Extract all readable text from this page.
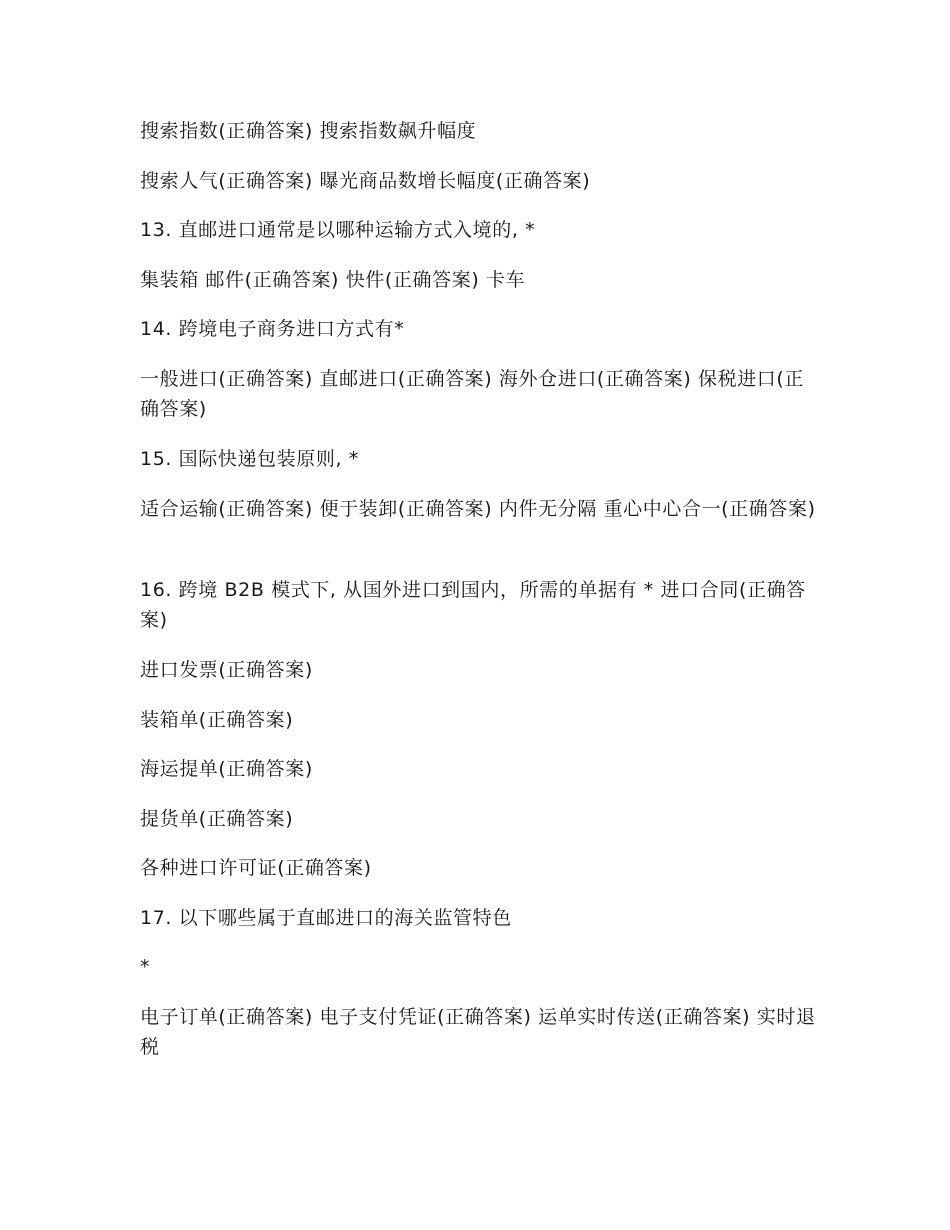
搜索指数(正确答案) 搜索指数飙升幅度
搜索人气(正确答案) 曝光商品数增长幅度(正确答案)
13. 直邮进口通常是以哪种运输方式入境的, *
集装箱 邮件(正确答案) 快件(正确答案) 卡车
14. 跨境电子商务进口方式有*
一般进口(正确答案) 直邮进口(正确答案) 海外仓进口(正确答案) 保税进口(正确答案)
15. 国际快递包装原则, *
适合运输(正确答案) 便于装卸(正确答案) 内件无分隔 重心中心合一(正确答案)
16. 跨境 B2B 模式下, 从国外进口到国内，所需的单据有 * 进口合同(正确答案)
进口发票(正确答案)
装箱单(正确答案)
海运提单(正确答案)
提货单(正确答案)
各种进口许可证(正确答案)
17. 以下哪些属于直邮进口的海关监管特色
*
电子订单(正确答案) 电子支付凭证(正确答案) 运单实时传送(正确答案) 实时退税
